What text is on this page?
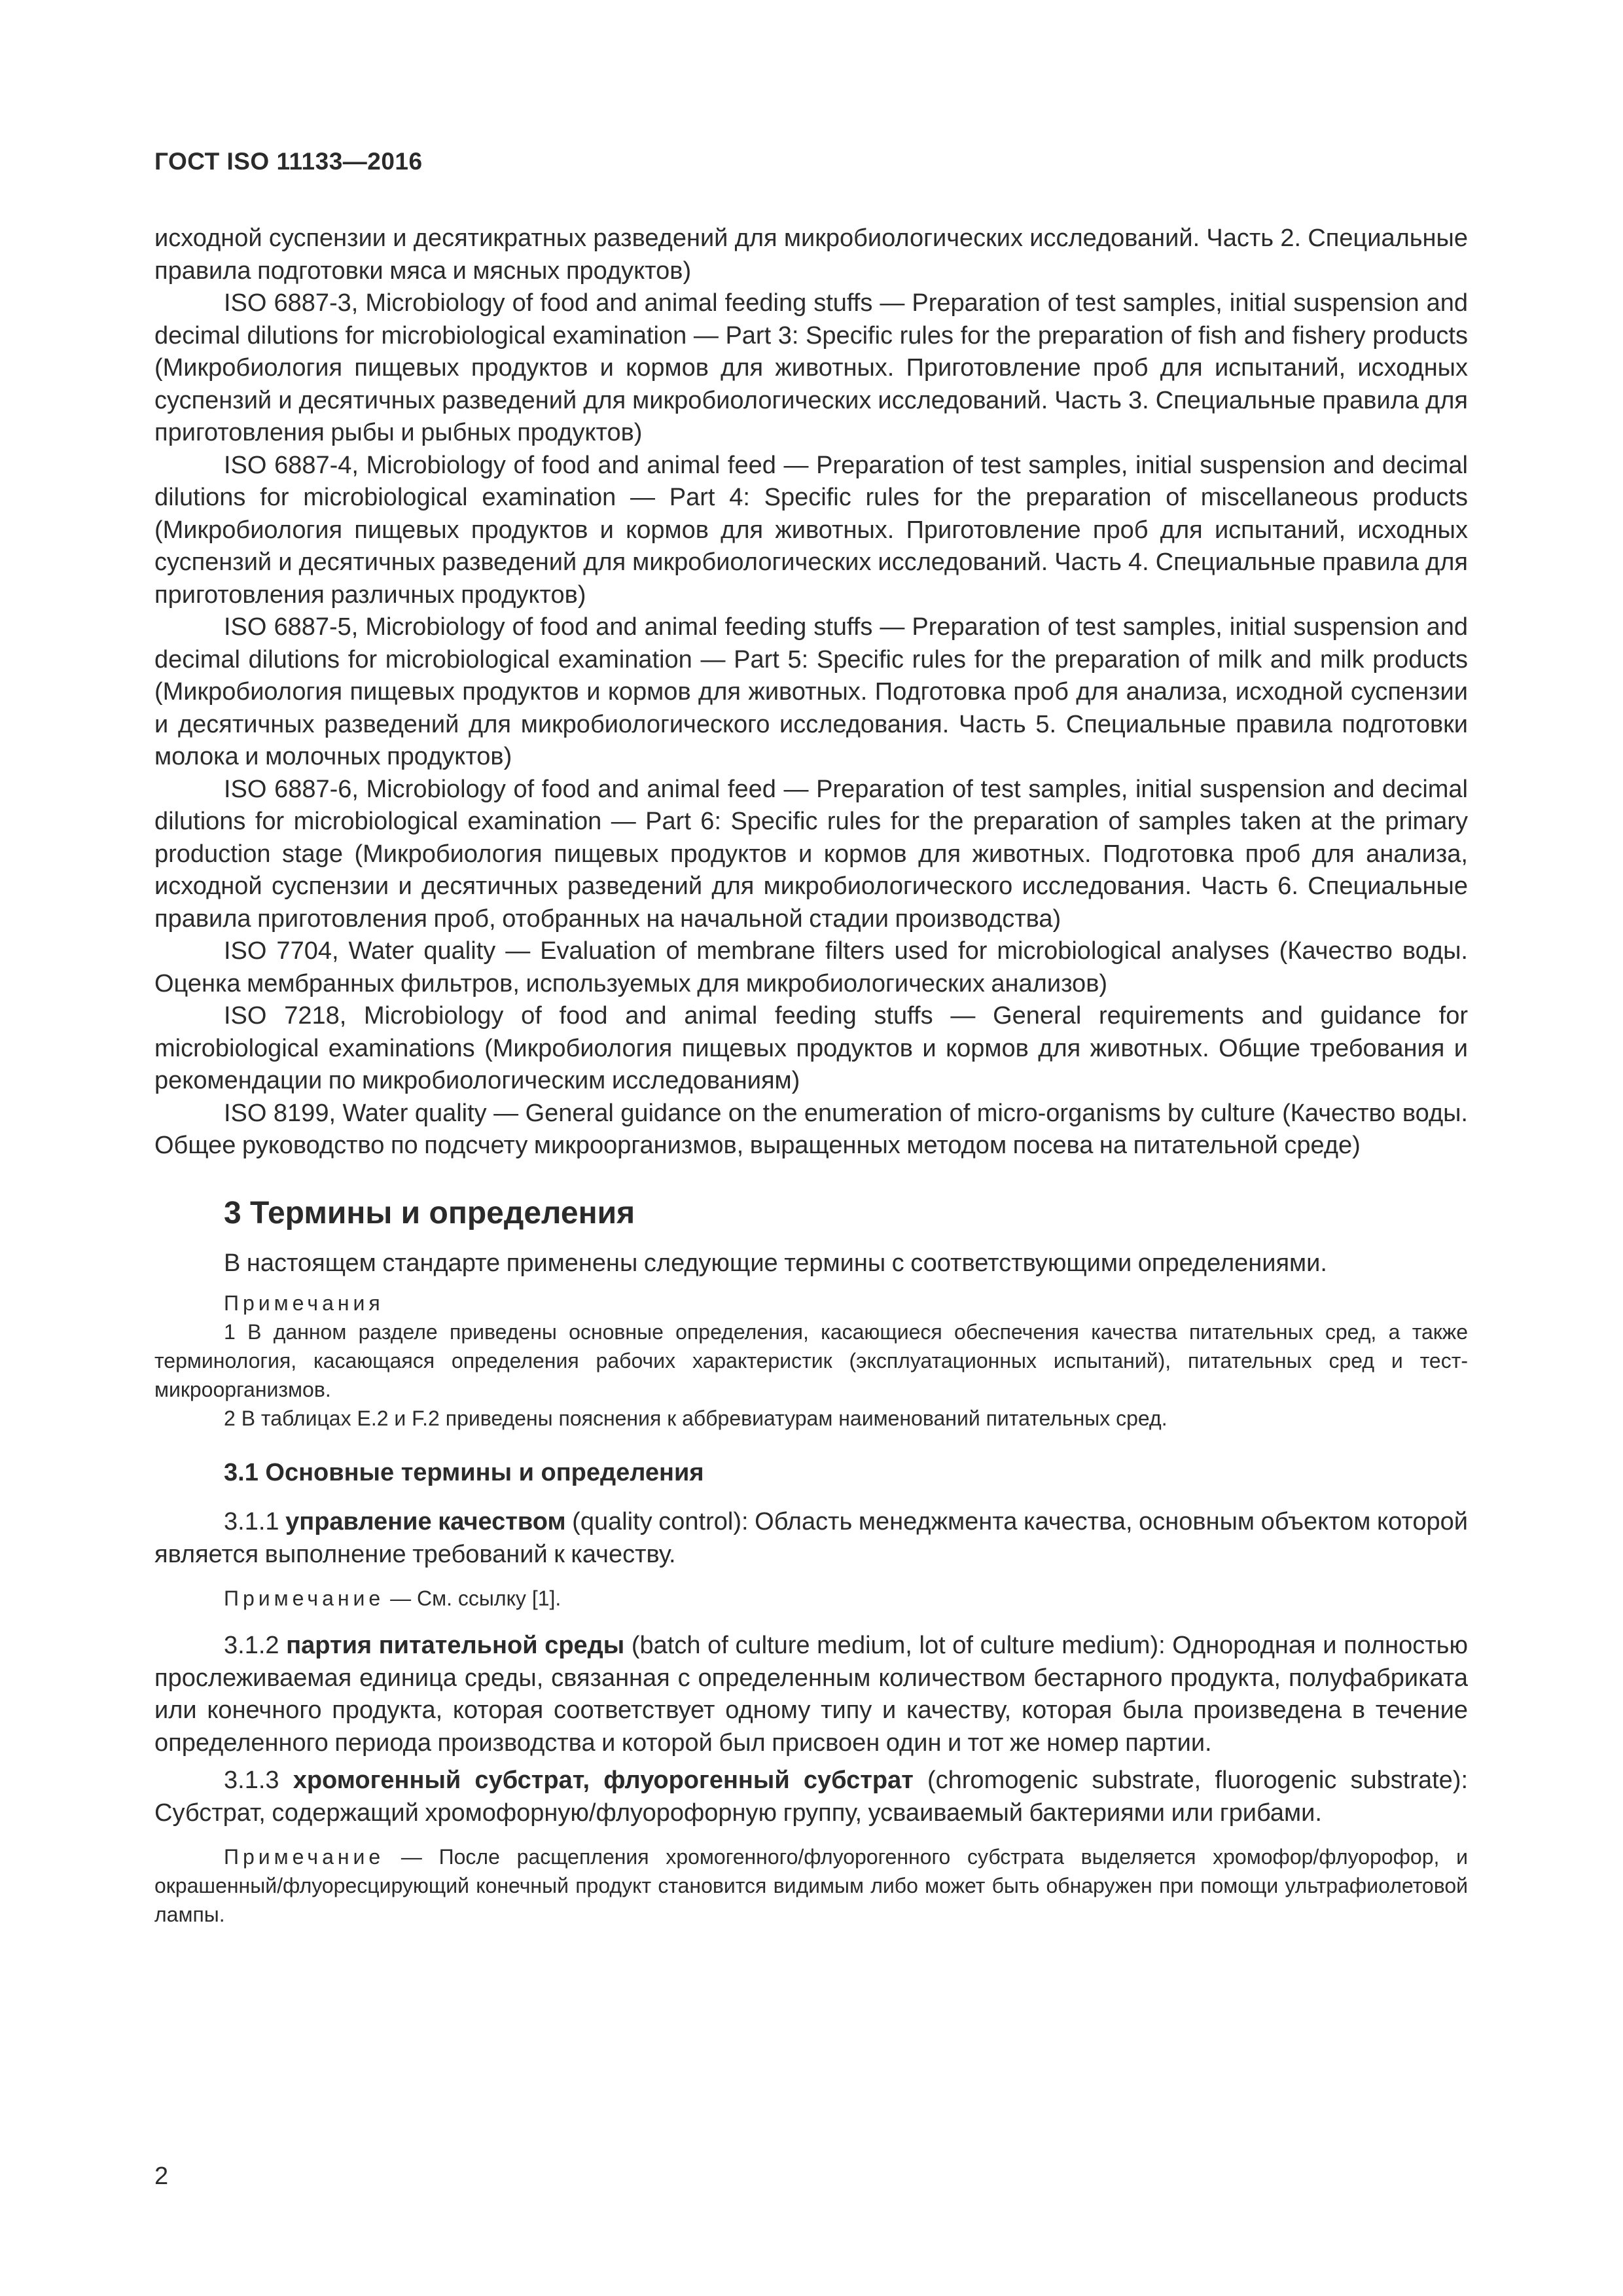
ГОСТ ISO 11133—2016

исходной суспензии и десятикратных разведений для микробиологических исследований. Часть 2. Специальные правила подготовки мяса и мясных продуктов)

ISO 6887-3, Microbiology of food and animal feeding stuffs — Preparation of test samples, initial suspension and decimal dilutions for microbiological examination — Part 3: Specific rules for the preparation of fish and fishery products (Микробиология пищевых продуктов и кормов для животных. Приготовление проб для испытаний, исходных суспензий и десятичных разведений для микробиологических исследований. Часть 3. Специальные правила для приготовления рыбы и рыбных продуктов)

ISO 6887-4, Microbiology of food and animal feed — Preparation of test samples, initial suspension and decimal dilutions for microbiological examination — Part 4: Specific rules for the preparation of miscellaneous products (Микробиология пищевых продуктов и кормов для животных. Приготовление проб для испытаний, исходных суспензий и десятичных разведений для микробиологических исследований. Часть 4. Специальные правила для приготовления различных продуктов)

ISO 6887-5, Microbiology of food and animal feeding stuffs — Preparation of test samples, initial suspension and decimal dilutions for microbiological examination — Part 5: Specific rules for the preparation of milk and milk products (Микробиология пищевых продуктов и кормов для животных. Подготовка проб для анализа, исходной суспензии и десятичных разведений для микробиологического исследования. Часть 5. Специальные правила подготовки молока и молочных продуктов)

ISO 6887-6, Microbiology of food and animal feed — Preparation of test samples, initial suspension and decimal dilutions for microbiological examination — Part 6: Specific rules for the preparation of samples taken at the primary production stage (Микробиология пищевых продуктов и кормов для животных. Подготовка проб для анализа, исходной суспензии и десятичных разведений для микробиологического исследования. Часть 6. Специальные правила приготовления проб, отобранных на начальной стадии производства)

ISO 7704, Water quality — Evaluation of membrane filters used for microbiological analyses (Качество воды. Оценка мембранных фильтров, используемых для микробиологических анализов)

ISO 7218, Microbiology of food and animal feeding stuffs — General requirements and guidance for microbiological examinations (Микробиология пищевых продуктов и кормов для животных. Общие требования и рекомендации по микробиологическим исследованиям)

ISO 8199, Water quality — General guidance on the enumeration of micro-organisms by culture (Качество воды. Общее руководство по подсчету микроорганизмов, выращенных методом посева на питательной среде)

3 Термины и определения

В настоящем стандарте применены следующие термины с соответствующими определениями.

Примечания

1 В данном разделе приведены основные определения, касающиеся обеспечения качества питательных сред, а также терминология, касающаяся определения рабочих характеристик (эксплуатационных испытаний), питательных сред и тест-микроорганизмов.

2 В таблицах Е.2 и F.2 приведены пояснения к аббревиатурам наименований питательных сред.

3.1 Основные термины и определения

3.1.1 управление качеством (quality control): Область менеджмента качества, основным объектом которой является выполнение требований к качеству.

Примечание — См. ссылку [1].

3.1.2 партия питательной среды (batch of culture medium, lot of culture medium): Однородная и полностью прослеживаемая единица среды, связанная с определенным количеством бестарного продукта, полуфабриката или конечного продукта, которая соответствует одному типу и качеству, которая была произведена в течение определенного периода производства и которой был присвоен один и тот же номер партии.

3.1.3 хромогенный субстрат, флуорогенный субстрат (chromogenic substrate, fluorogenic substrate): Субстрат, содержащий хромофорную/флуорофорную группу, усваиваемый бактериями или грибами.

Примечание — После расщепления хромогенного/флуорогенного субстрата выделяется хромофор/флуорофор, и окрашенный/флуоресцирующий конечный продукт становится видимым либо может быть обнаружен при помощи ультрафиолетовой лампы.

2
